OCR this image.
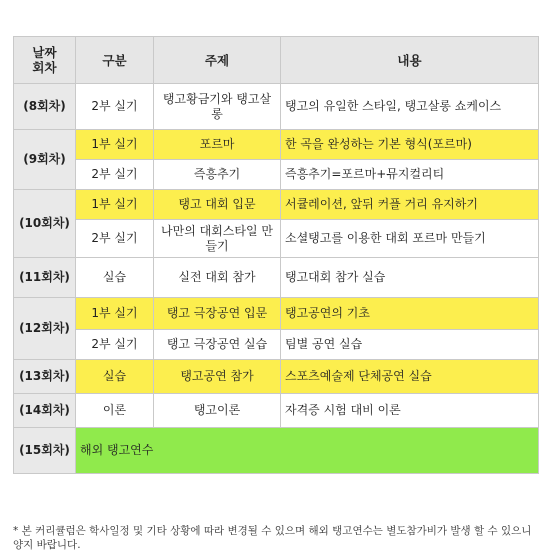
날짜
회차	구분	주제	내용
(8회차)	2부 실기	탱고황금기와 탱고살롱	탱고의 유일한 스타일, 탱고살롱 쇼케이스
(9회차)	1부 실기	포르마	한 곡을 완성하는 기본 형식(포르마)
	2부 실기	즉흥추기	즉흥추기=포르마+뮤지컬리티
(10회차)	1부 실기	탱고 대회 입문	서큘레이션, 앞뒤 커플 거리 유지하기
	2부 실기	나만의 대회스타일 만들기	소셜탱고를 이용한 대회 포르마 만들기
(11회차)	실습	실전 대회 참가	탱고대회 참가 실습
(12회차)	1부 실기	탱고 극장공연 입문	탱고공연의 기초
	2부 실기	탱고 극장공연 실습	팀별 공연 실습
(13회차)	실습	탱고공연 참가	스포츠예술제 단체공연 실습
(14회차)	이론	탱고이론	자격증 시험 대비 이론
(15회차)	해외 탱고연수		
* 본 커리큘럼은 학사일정 및 기타 상황에 따라 변경될 수 있으며 해외 탱고연수는 별도참가비가 발생 할 수 있으니 양지 바랍니다.
